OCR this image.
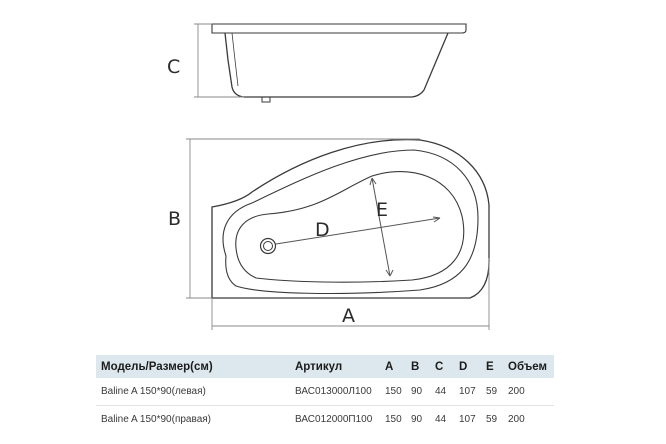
C
D
E
B
A
Модель/Размер(см)	Артикул	A	B	C	D	E	Объем
Baline A 150*90(левая)	ВАС013000Л100	150	90	44	107	59	200
Baline A 150*90(правая)	ВАС012000П100	150	90	44	107	59	200
